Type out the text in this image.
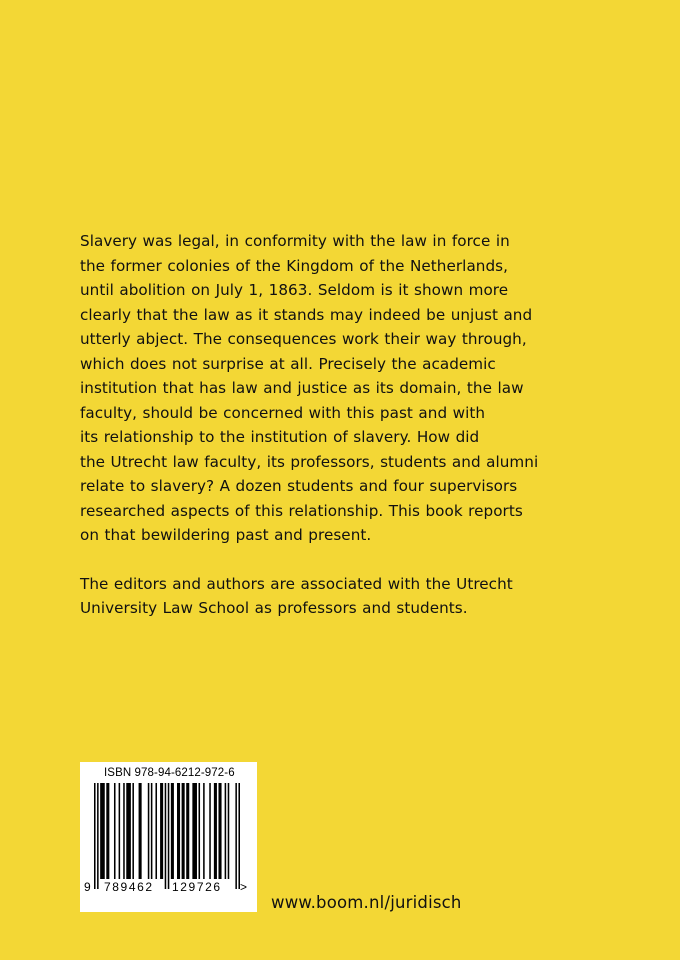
Slavery was legal, in conformity with the law in force in
the former colonies of the Kingdom of the Netherlands,
until abolition on July 1, 1863. Seldom is it shown more
clearly that the law as it stands may indeed be unjust and
utterly abject. The consequences work their way through,
which does not surprise at all. Precisely the academic
institution that has law and justice as its domain, the law
faculty, should be concerned with this past and with
its relationship to the institution of slavery. How did
the Utrecht law faculty, its professors, students and alumni
relate to slavery? A dozen students and four supervisors
researched aspects of this relationship. This book reports
on that bewildering past and present.

The editors and authors are associated with the Utrecht
University Law School as professors and students.

ISBN 978-94-6212-972-6
9 789462 129726 >
www.boom.nl/juridisch
